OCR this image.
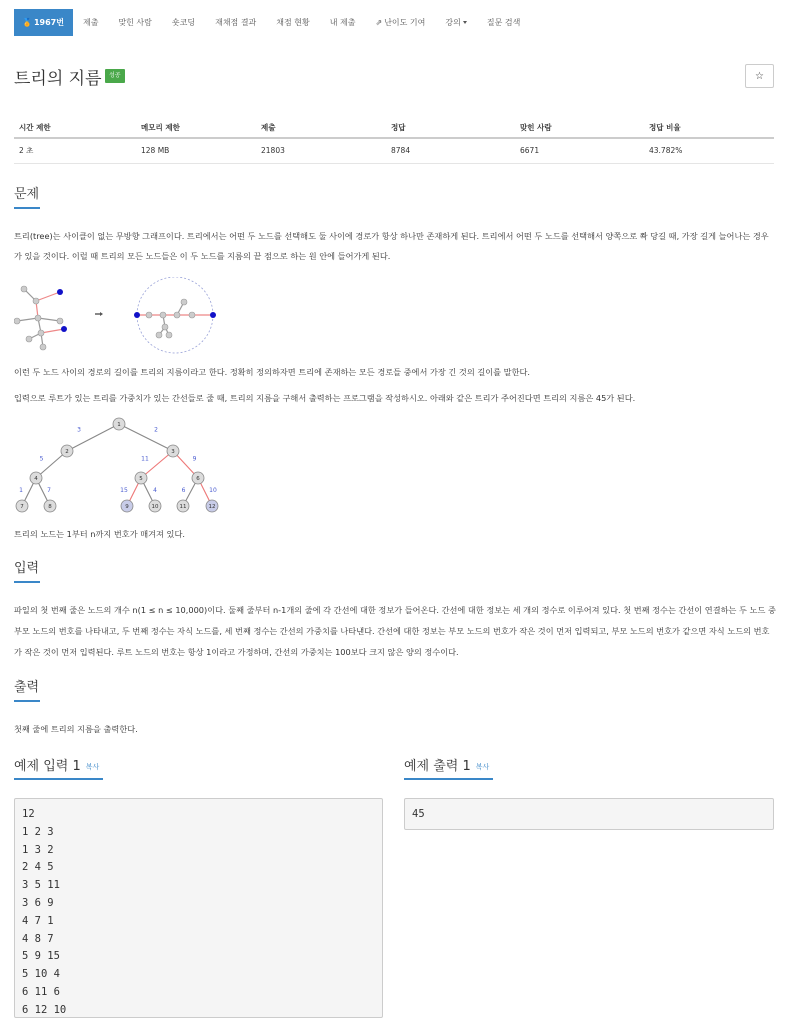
🏅 1967번	제출	맞힌 사람	숏코딩	재채점 결과	채점 현황	내 제출	⇗ 난이도 기여	강의	질문 검색
트리의 지름	성공	☆
시간 제한	메모리 제한	제출	정답	맞힌 사람	정답 비율
2 초	128 MB	21803	8784	6671	43.782%
문제
트리(tree)는 사이클이 없는 무방향 그래프이다. 트리에서는 어떤 두 노드를 선택해도 둘 사이에 경로가 항상 하나만 존재하게 된다. 트리에서 어떤 두 노드를 선택해서 양쪽으로 쫙 당길 때, 가장 길게 늘어나는 경우가 있을 것이다. 이럴 때 트리의 모든 노드들은 이 두 노드를 지름의 끝 점으로 하는 원 안에 들어가게 된다.
이런 두 노드 사이의 경로의 길이를 트리의 지름이라고 한다. 정확히 정의하자면 트리에 존재하는 모든 경로들 중에서 가장 긴 것의 길이를 말한다.
입력으로 루트가 있는 트리를 가중치가 있는 간선들로 줄 때, 트리의 지름을 구해서 출력하는 프로그램을 작성하시오. 아래와 같은 트리가 주어진다면 트리의 지름은 45가 된다.
3	2
5	11	9
1	7	15	4	6	10
1
2	3
4	5	6
7	8	9	10	11	12
트리의 노드는 1부터 n까지 번호가 매겨져 있다.
입력
파일의 첫 번째 줄은 노드의 개수 n(1 ≤ n ≤ 10,000)이다. 둘째 줄부터 n-1개의 줄에 각 간선에 대한 정보가 들어온다. 간선에 대한 정보는 세 개의 정수로 이루어져 있다. 첫 번째 정수는 간선이 연결하는 두 노드 중 부모 노드의 번호를 나타내고, 두 번째 정수는 자식 노드를, 세 번째 정수는 간선의 가중치를 나타낸다. 간선에 대한 정보는 부모 노드의 번호가 작은 것이 먼저 입력되고, 부모 노드의 번호가 같으면 자식 노드의 번호가 작은 것이 먼저 입력된다. 루트 노드의 번호는 항상 1이라고 가정하며, 간선의 가중치는 100보다 크지 않은 양의 정수이다.
출력
첫째 줄에 트리의 지름을 출력한다.
예제 입력 1 복사
12
1 2 3
1 3 2
2 4 5
3 5 11
3 6 9
4 7 1
4 8 7
5 9 15
5 10 4
6 11 6
6 12 10
예제 출력 1 복사
45
